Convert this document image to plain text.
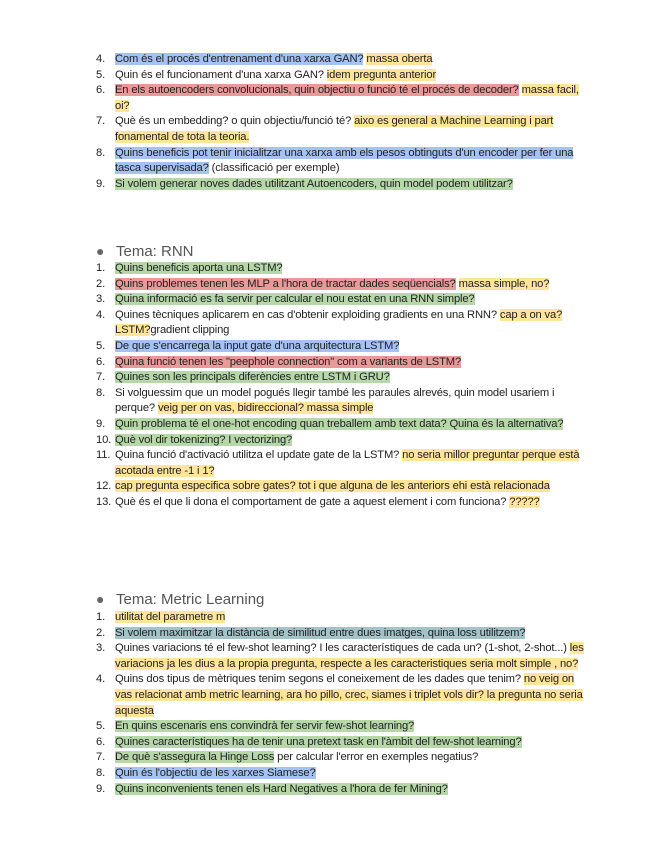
4. Com és el procés d'entrenament d'una xarxa GAN? massa oberta
5. Quin és el funcionament d'una xarxa GAN? idem pregunta anterior
6. En els autoencoders convolucionals, quin objectiu o funció té el procés de decoder? massa facil, oi?
7. Què és un embedding? o quin objectiu/funció té? aixo es general a Machine Learning i part fonamental de tota la teoria.
8. Quins beneficis pot tenir inicialitzar una xarxa amb els pesos obtinguts d'un encoder per fer una tasca supervisada? (classificació per exemple)
9. Si volem generar noves dades utilitzant Autoencoders, quin model podem utilitzar?
● Tema: RNN
1. Quins beneficis aporta una LSTM?
2. Quins problemes tenen les MLP a l'hora de tractar dades seqüencials? massa simple, no?
3. Quina informació es fa servir per calcular el nou estat en una RNN simple?
4. Quines tècniques aplicarem en cas d'obtenir exploiding gradients en una RNN? cap a on va? LSTM?gradient clipping
5. De que s'encarrega la input gate d'una arquitectura LSTM?
6. Quina funció tenen les "peephole connection" com a variants de LSTM?
7. Quines son les principals diferències entre LSTM i GRU?
8. Si volguessim que un model pogués llegir també les paraules alrevés, quin model usariem i perque? veig per on vas, bidireccional? massa simple
9. Quin problema té el one-hot encoding quan treballem amb text data? Quina és la alternativa?
10. Què vol dir tokenizing? I vectorizing?
11. Quina funció d'activació utilitza el update gate de la LSTM? no seria millor preguntar perque està acotada entre -1 i 1?
12. cap pregunta especifica sobre gates? tot i que alguna de les anteriors ehi està relacionada
13. Què és el que li dona el comportament de gate a aquest element i com funciona? ?????
● Tema: Metric Learning
1. utilitat del parametre m
2. Si volem maximitzar la distància de similitud entre dues imatges, quina loss utilitzem?
3. Quines variacions té el few-shot learning? I les característiques de cada un? (1-shot, 2-shot...) les variacions ja les dius a la propia pregunta, respecte a les caracteristiques seria molt simple , no?
4. Quins dos tipus de mètriques tenim segons el coneixement de les dades que tenim? no veig on vas relacionat amb metric learning, ara ho pillo, crec, siames i triplet vols dir? la pregunta no seria aquesta
5. En quins escenaris ens convindrà fer servir few-shot learning?
6. Quines característiques ha de tenir una pretext task en l'àmbit del few-shot learning?
7. De què s'assegura la Hinge Loss per calcular l'error en exemples negatius?
8. Quin és l'objectiu de les xarxes Siamese?
9. Quins inconvenients tenen els Hard Negatives a l'hora de fer Mining?
